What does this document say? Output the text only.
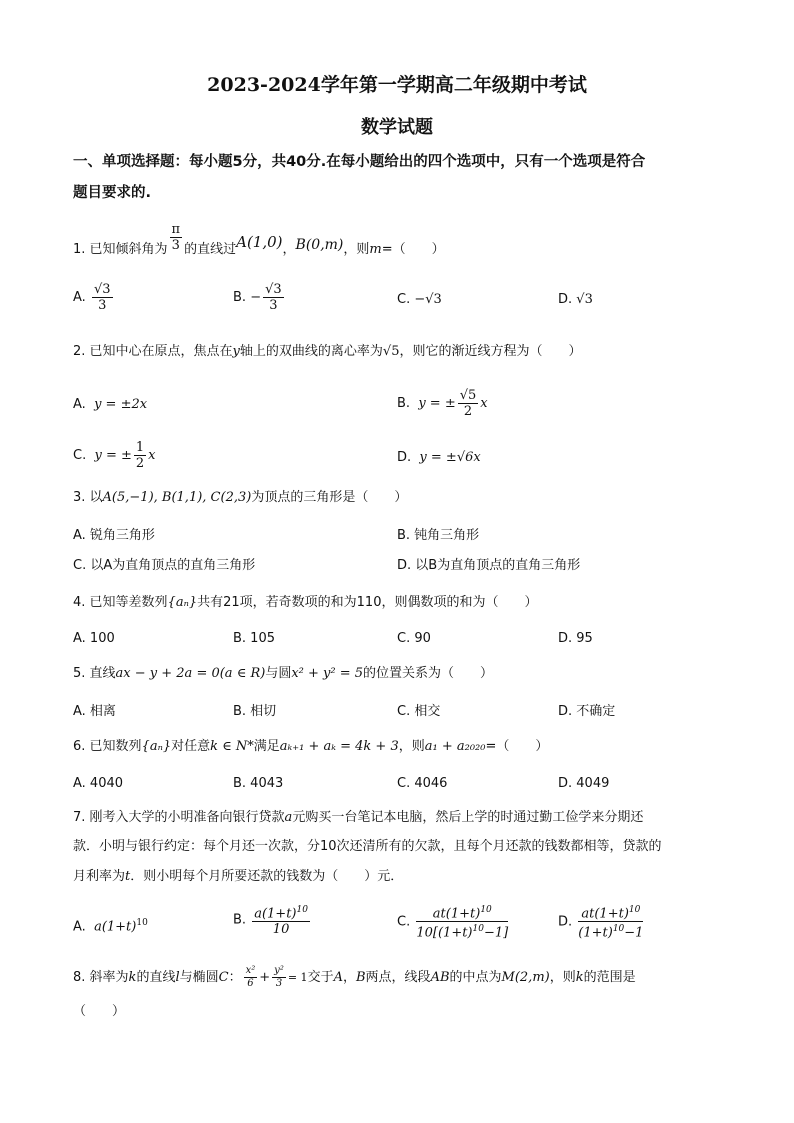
2023-2024学年第一学期高二年级期中考试
数学试题
一、单项选择题：每小题5分，共40分.在每小题给出的四个选项中，只有一个选项是符合
题目要求的.
1. 已知倾斜角为 $\frac{\pi}{3}$ 的直线过A(1,0)，B(0,m)，则m=（　　）
A. $\frac{√3}{3}$	B. − $\frac{√3}{3}$	C. −√3	D. √3
2. 已知中心在原点，焦点在y轴上的双曲线的离心率为√5，则它的渐近线方程为（　　）
A. y = ±2x	B. y = ± $\frac{√5}{2}$ x
C. y = ± $\frac{1}{2}$ x	D. y = ±√6x
3. 以A(5,−1), B(1,1), C(2,3)为顶点的三角形是（　　）
A. 锐角三角形	B. 钝角三角形
C. 以A为直角顶点的直角三角形	D. 以B为直角顶点的直角三角形
4. 已知等差数列{aₙ}共有21项，若奇数项的和为110，则偶数项的和为（　　）
A. 100	B. 105	C. 90	D. 95
5. 直线ax − y + 2a = 0(a ∈ R)与圆x² + y² = 5的位置关系为（　　）
A. 相离	B. 相切	C. 相交	D. 不确定
6. 已知数列{aₙ}对任意k ∈ N*满足aₖ₊₁ + aₖ = 4k + 3，则a₁ + a₂₀₂₀=（　　）
A. 4040	B. 4043	C. 4046	D. 4049
7. 刚考入大学的小明准备向银行贷款a元购买一台笔记本电脑，然后上学的时通过勤工俭学来分期还
款．小明与银行约定：每个月还一次款，分10次还清所有的欠款，且每个月还款的钱数都相等，贷款的
月利率为t．则小明每个月所要还款的钱数为（　　）元．
A. $a(1+t)^{10}$	B. $\frac{a(1+t)^{10}}{10}$	C. $\frac{at(1+t)^{10}}{10[(1+t)^{10}-1]}$	D. $\frac{at(1+t)^{10}}{(1+t)^{10}-1}$
8. 斜率为k的直线l与椭圆C： $\frac{\text{x²}}{6} + \frac{\text{y²}}{3} = 1$交于A，B两点，线段AB的中点为M(2,m)，则k的范围是
（　　）
